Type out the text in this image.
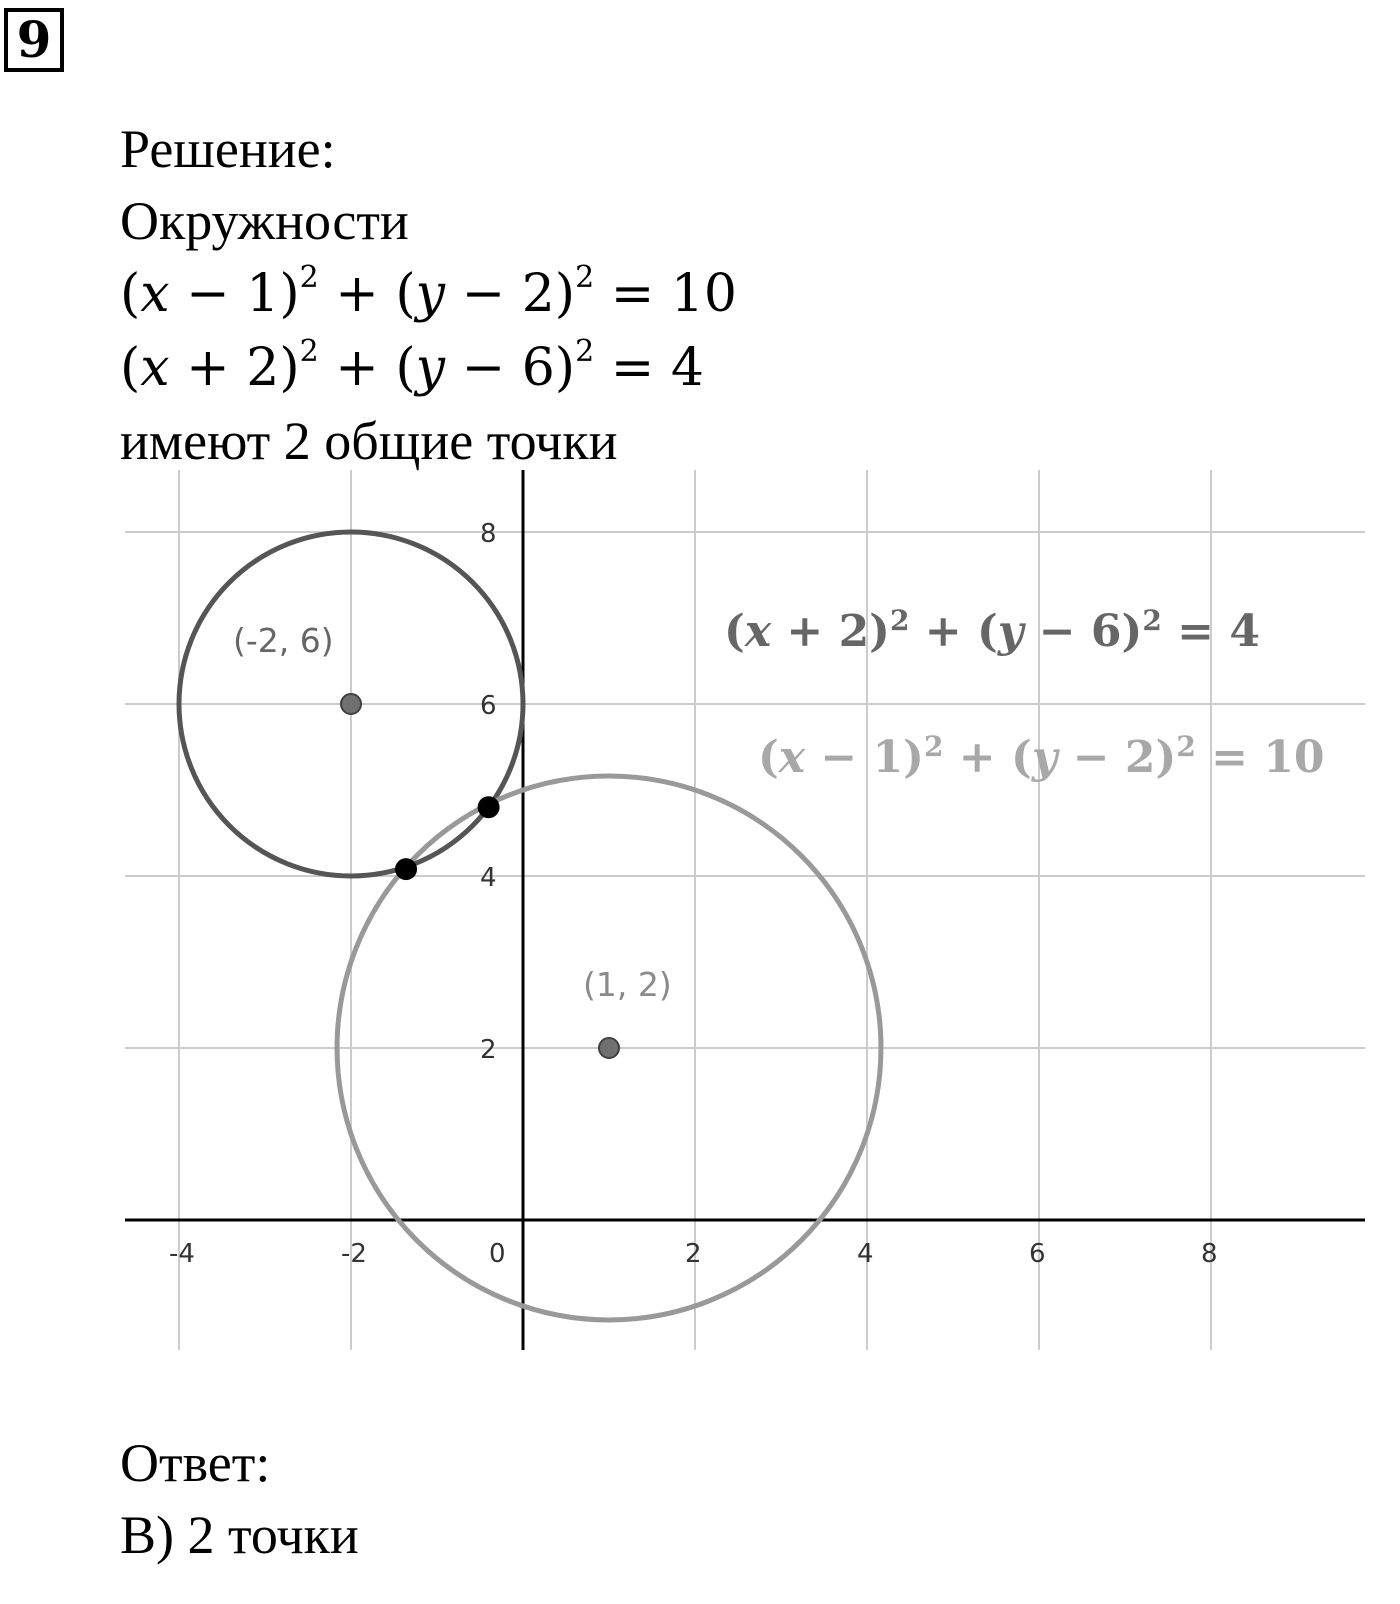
9
Решение:
Окружности
$(x - 1)^2 + (y - 2)^2 = 10$
$(x + 2)^2 + (y - 6)^2 = 4$
имеют 2 общие точки
-4	-2	0	2	4	6	8
2
4
6
8
(-2, 6)
(1, 2)
$(x + 2)^2 + (y - 6)^2 = 4$
$(x - 1)^2 + (y - 2)^2 = 10$
Ответ:
B) 2 точки
